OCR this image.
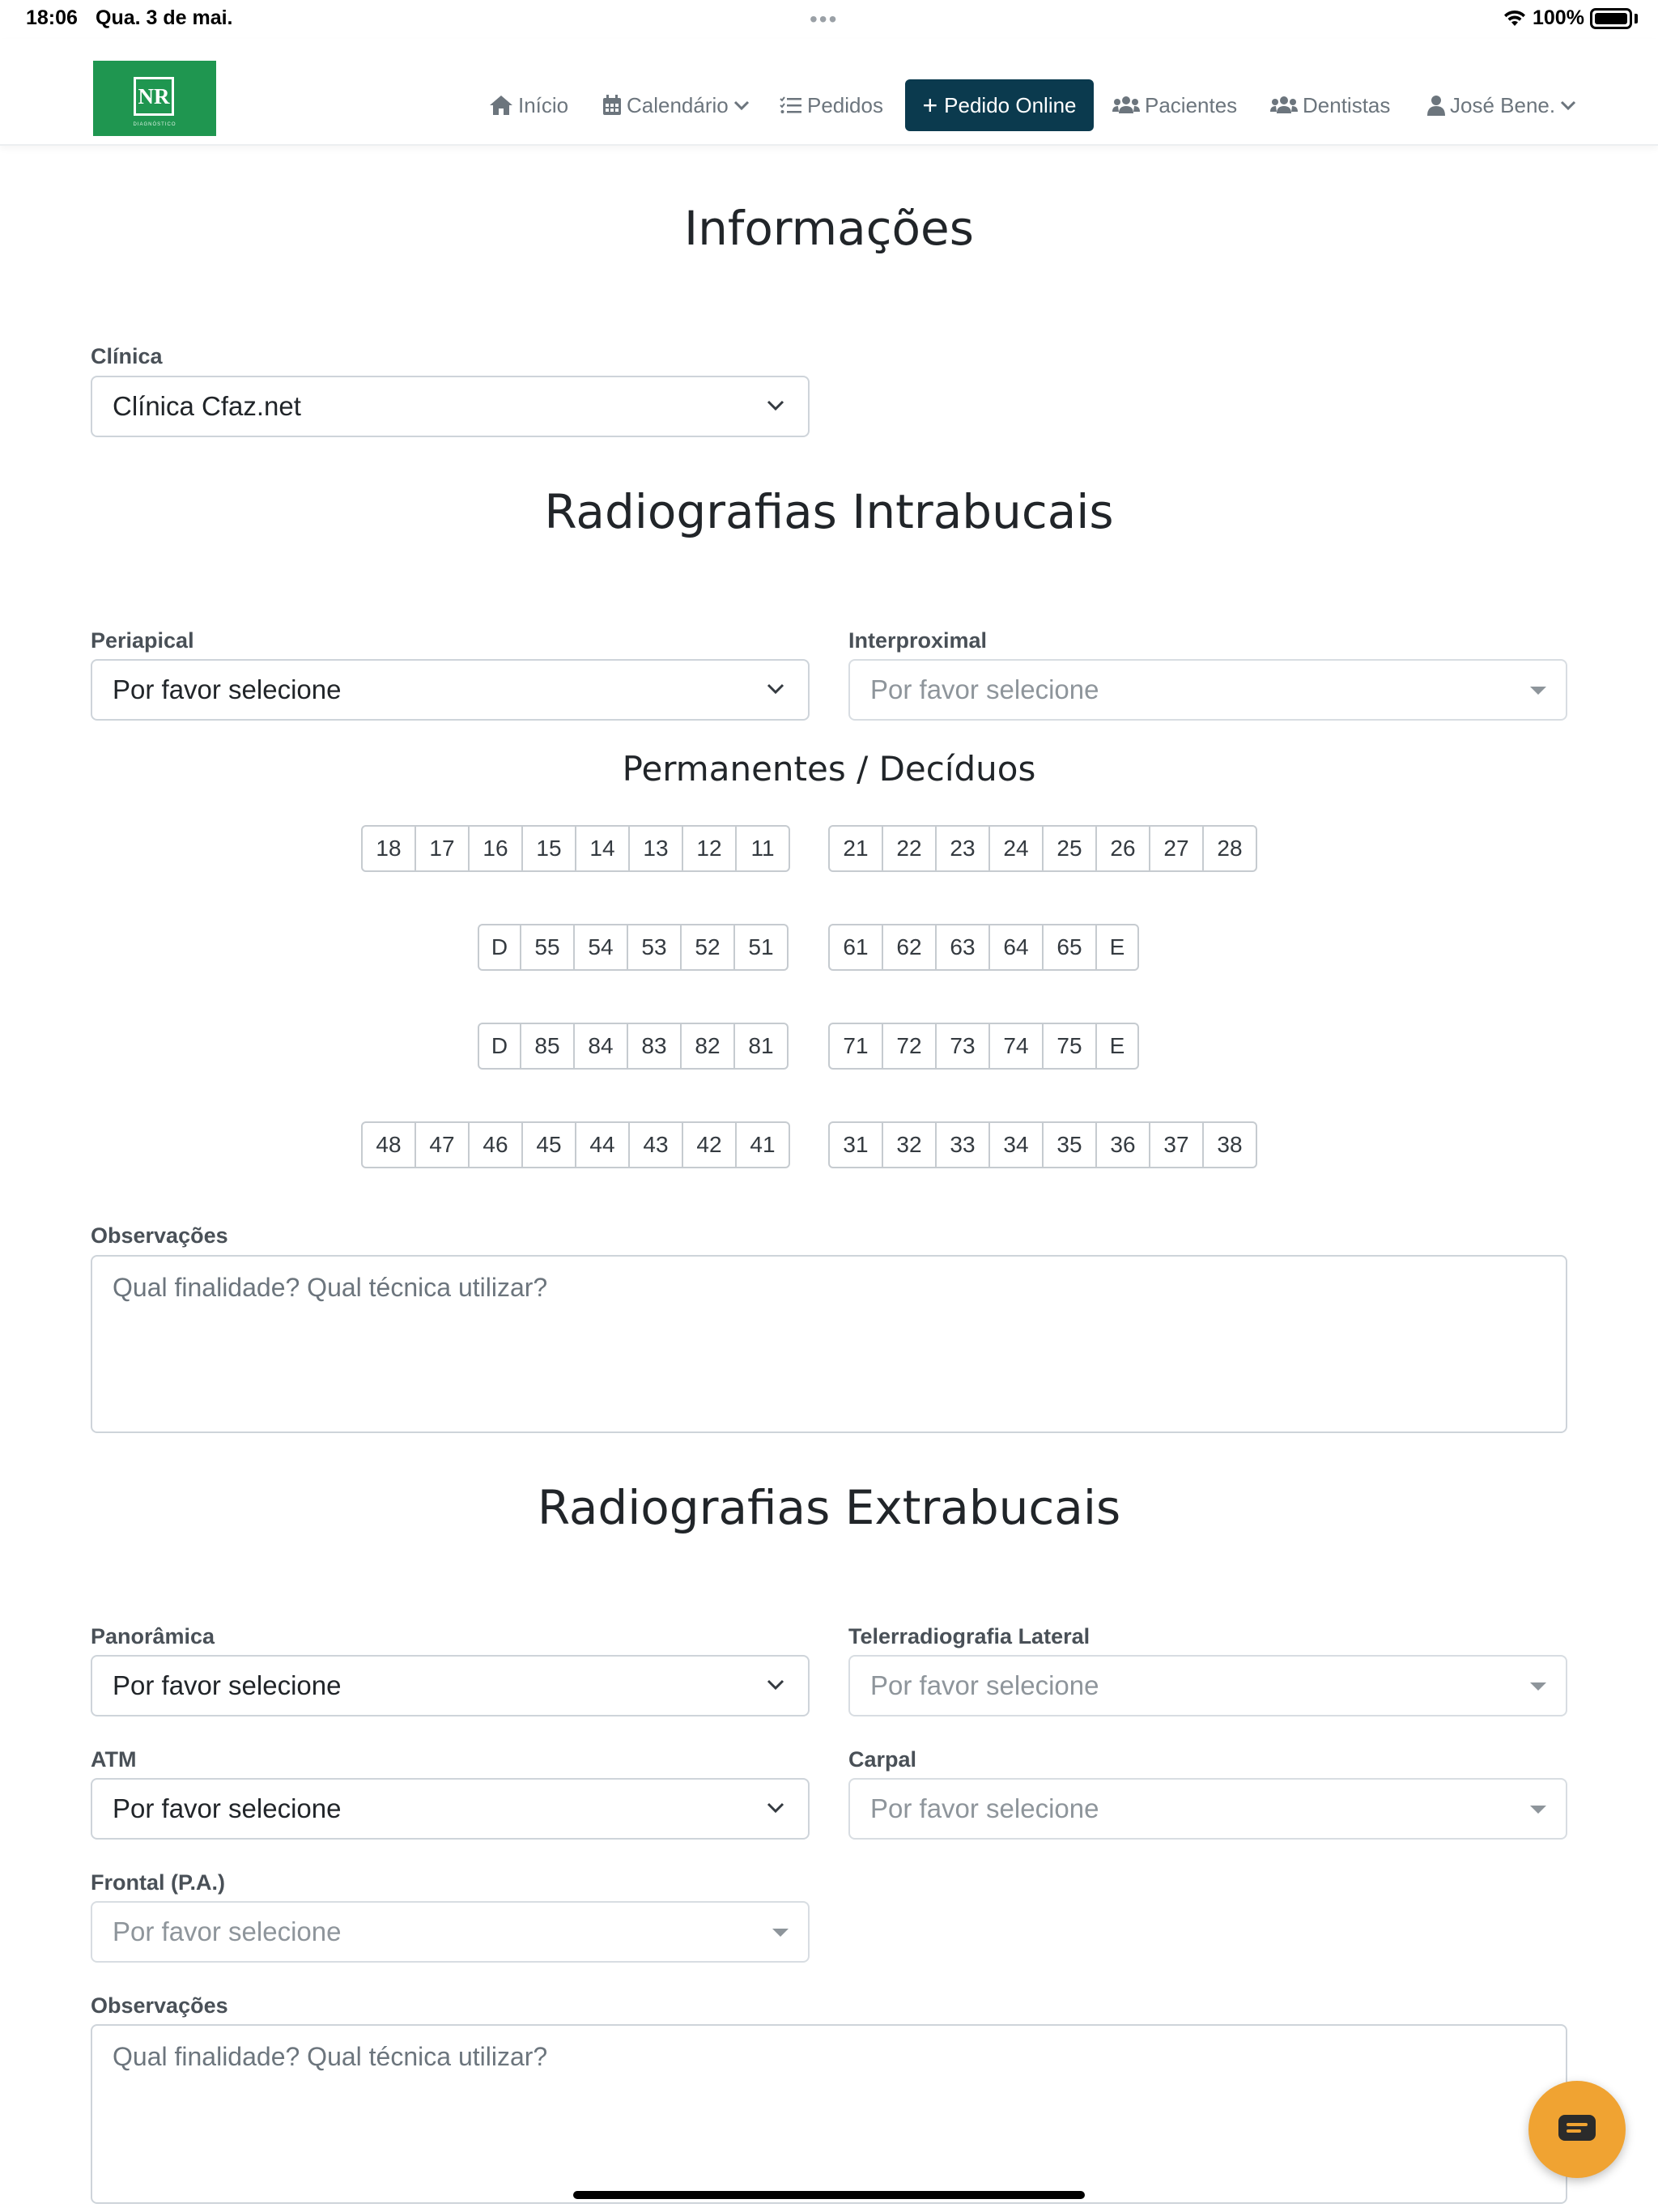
18:06 Qua. 3 de mai.	•••	100%
NR
DIAGNÓSTICO
Início	Calendário	Pedidos + Pedido Online	Pacientes	Dentistas	José Bene.
Informações
Clínica
Clínica Cfaz.net
Radiografias Intrabucais
Periapical
Por favor selecione
Interproximal
Por favor selecione
Permanentes / Decíduos
18	17	16	15	14	13	12	11	21	22	23	24	25	26	27	28
D	55	54	53	52	51	61	62	63	64	65	E
D	85	84	83	82	81	71	72	73	74	75	E
48	47	46	45	44	43	42	41	31	32	33	34	35	36	37	38
Observações
Qual finalidade? Qual técnica utilizar?
Radiografias Extrabucais
Panorâmica
Por favor selecione
Telerradiografia Lateral
Por favor selecione
ATM
Por favor selecione
Carpal
Por favor selecione
Frontal (P.A.)
Por favor selecione
Observações
Qual finalidade? Qual técnica utilizar?
